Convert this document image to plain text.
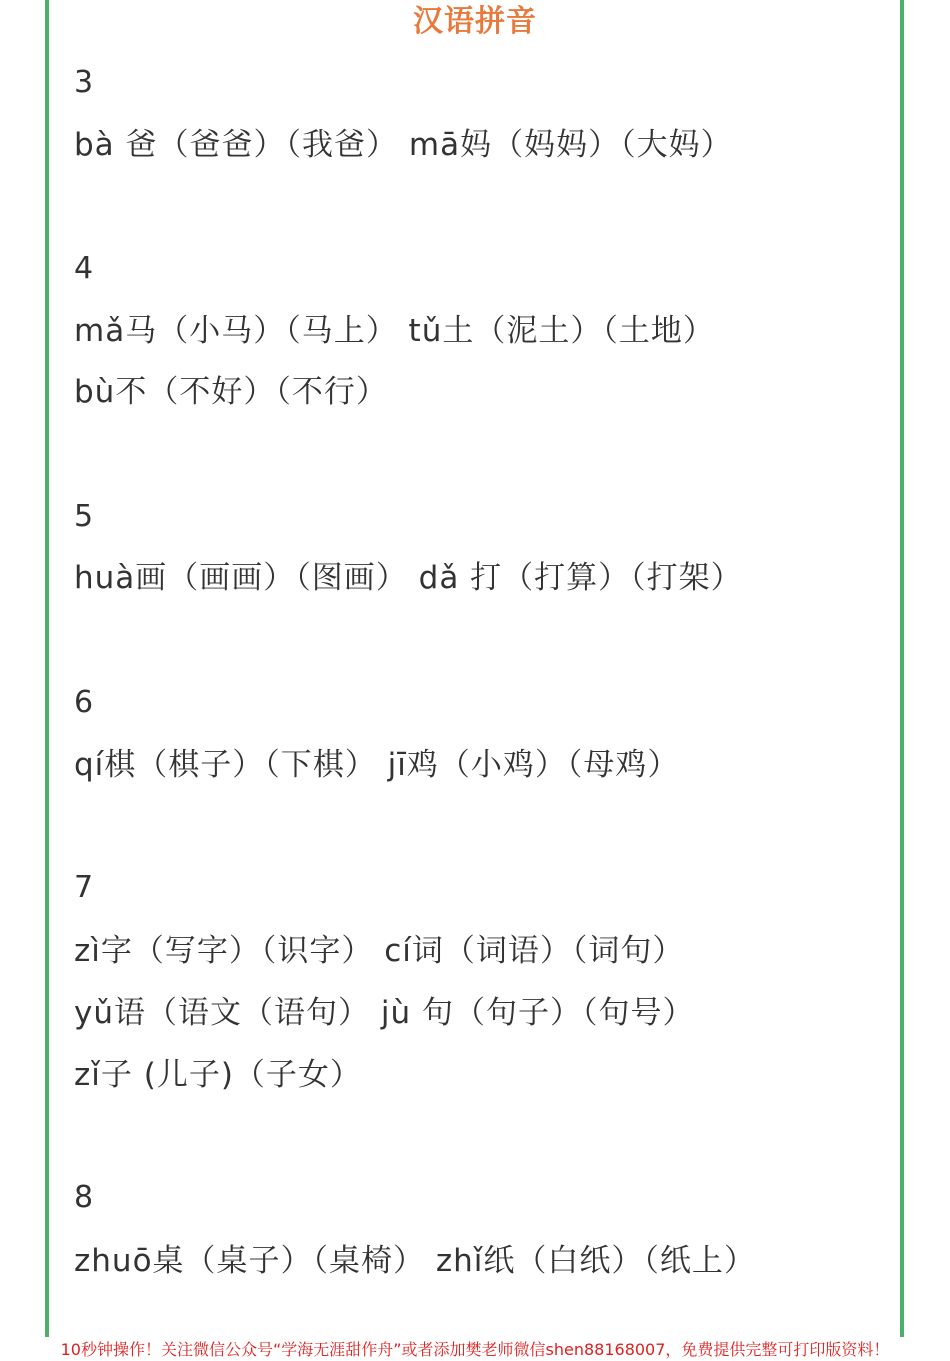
汉语拼音
3
bà 爸（爸爸）（我爸） mā妈（妈妈）（大妈）
4
mǎ马（小马）（马上） tǔ土（泥土）（土地）
bù不（不好）（不行）
5
huà画（画画）（图画） dǎ 打（打算）（打架）
6
qí棋（棋子）（下棋） jī鸡（小鸡）（母鸡）
7
zì字（写字）（识字） cí词（词语）（词句）
yǔ语（语文（语句） jù 句（句子）（句号）
zǐ子 (儿子)（子女）
8
zhuō桌（桌子）（桌椅） zhǐ纸（白纸）（纸上）
10秒钟操作！关注微信公众号“学海无涯甜作舟”或者添加樊老师微信shen88168007，免费提供完整可打印版资料！
